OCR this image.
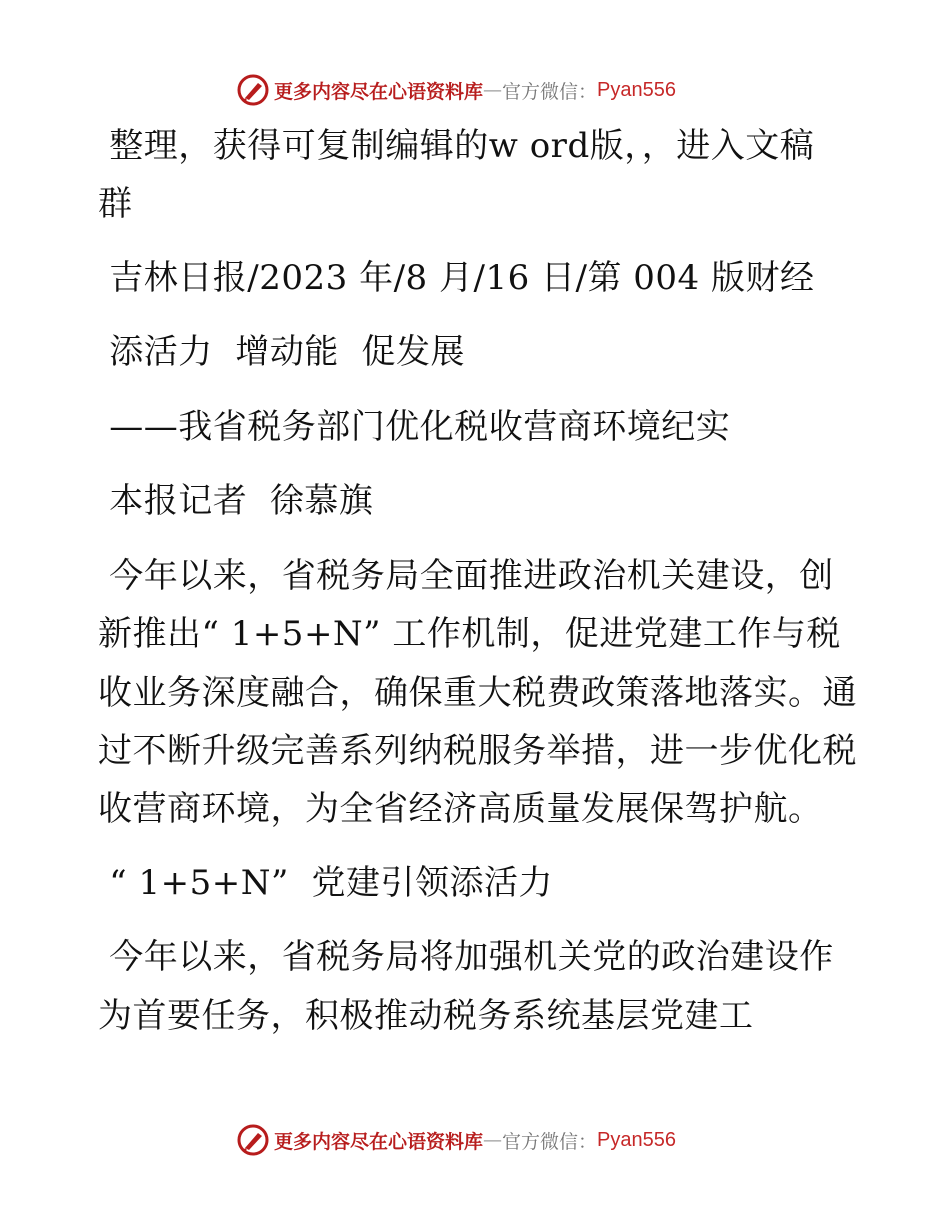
更多内容尽在心语资料库 — 官方微信： Pyan556
整理，获得可复制编辑的w ord版，，进入文稿
群
吉林日报/2023 年/8 月/16 日/第 004 版财经
添活力  增动能  促发展
——我省税务部门优化税收营商环境纪实
本报记者  徐慕旗
今年以来，省税务局全面推进政治机关建设，创
新推出“ 1+5+N” 工作机制，促进党建工作与税
收业务深度融合，确保重大税费政策落地落实。通
过不断升级完善系列纳税服务举措，进一步优化税
收营商环境，为全省经济高质量发展保驾护航。
“ 1+5+N”  党建引领添活力
今年以来，省税务局将加强机关党的政治建设作
为首要任务，积极推动税务系统基层党建工
更多内容尽在心语资料库 — 官方微信： Pyan556
